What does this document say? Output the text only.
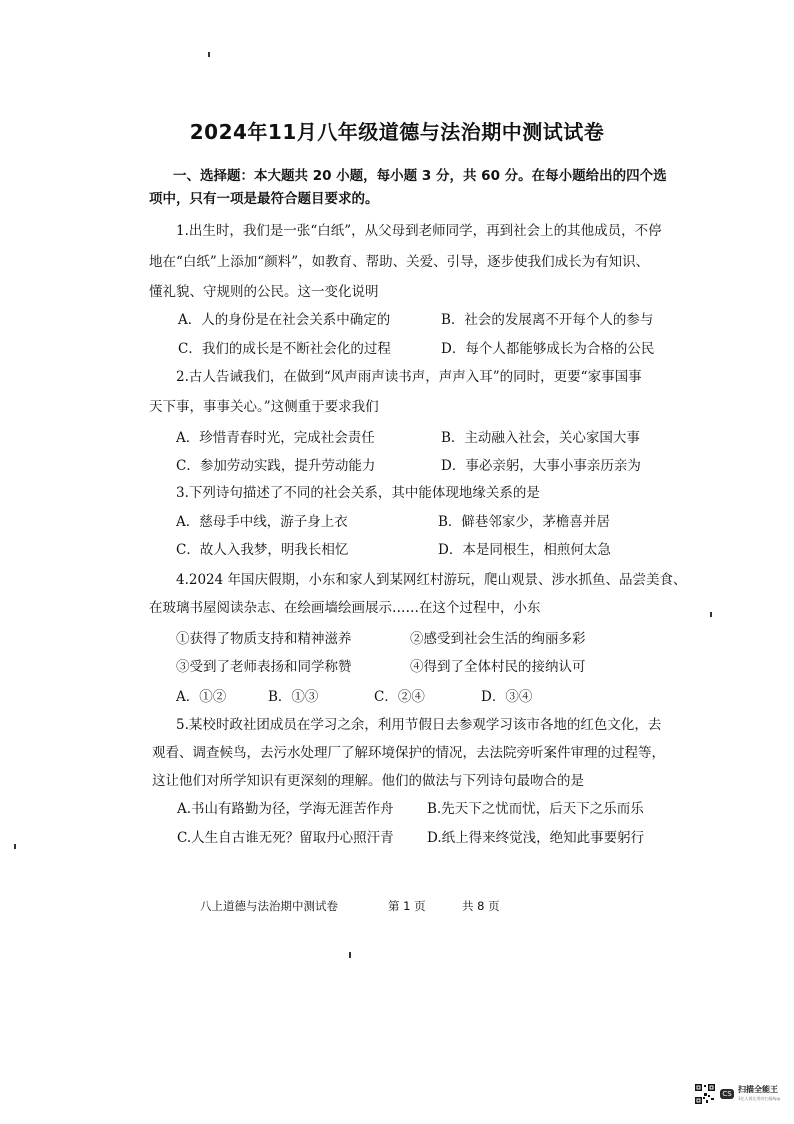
2024年11月八年级道德与法治期中测试试卷
一、选择题：本大题共 20 小题，每小题 3 分，共 60 分。在每小题给出的四个选
项中，只有一项是最符合题目要求的。
1.出生时，我们是一张“白纸”，从父母到老师同学，再到社会上的其他成员，不停
地在“白纸”上添加“颜料”，如教育、帮助、关爱、引导，逐步使我们成长为有知识、
懂礼貌、守规则的公民。这一变化说明
A．人的身份是在社会关系中确定的	B．社会的发展离不开每个人的参与
C．我们的成长是不断社会化的过程	D．每个人都能够成长为合格的公民
2.古人告诫我们，在做到“风声雨声读书声，声声入耳”的同时，更要“家事国事
天下事，事事关心。”这侧重于要求我们
A．珍惜青春时光，完成社会责任	B．主动融入社会，关心家国大事
C．参加劳动实践，提升劳动能力	D．事必亲躬，大事小事亲历亲为
3.下列诗句描述了不同的社会关系，其中能体现地缘关系的是
A．慈母手中线，游子身上衣	B．僻巷邻家少，茅檐喜并居
C．故人入我梦，明我长相忆	D．本是同根生，相煎何太急
4.2024 年国庆假期，小东和家人到某网红村游玩，爬山观景、涉水抓鱼、品尝美食、
在玻璃书屋阅读杂志、在绘画墙绘画展示……在这个过程中，小东
①获得了物质支持和精神滋养	②感受到社会生活的绚丽多彩
③受到了老师表扬和同学称赞	④得到了全体村民的接纳认可
A．①②	B．①③	C．②④	D．③④
5.某校时政社团成员在学习之余，利用节假日去参观学习该市各地的红色文化，去
观看、调查候鸟，去污水处理厂了解环境保护的情况，去法院旁听案件审理的过程等，
这让他们对所学知识有更深刻的理解。他们的做法与下列诗句最吻合的是
A.书山有路勤为径，学海无涯苦作舟 B.先天下之忧而忧，后天下之乐而乐
C.人生自古谁无死？留取丹心照汗青 D.纸上得来终觉浅，绝知此事要躬行
八上道德与法治期中测试卷	第 1 页	共 8 页
CS 扫描全能王
3亿人都在用的扫描App
